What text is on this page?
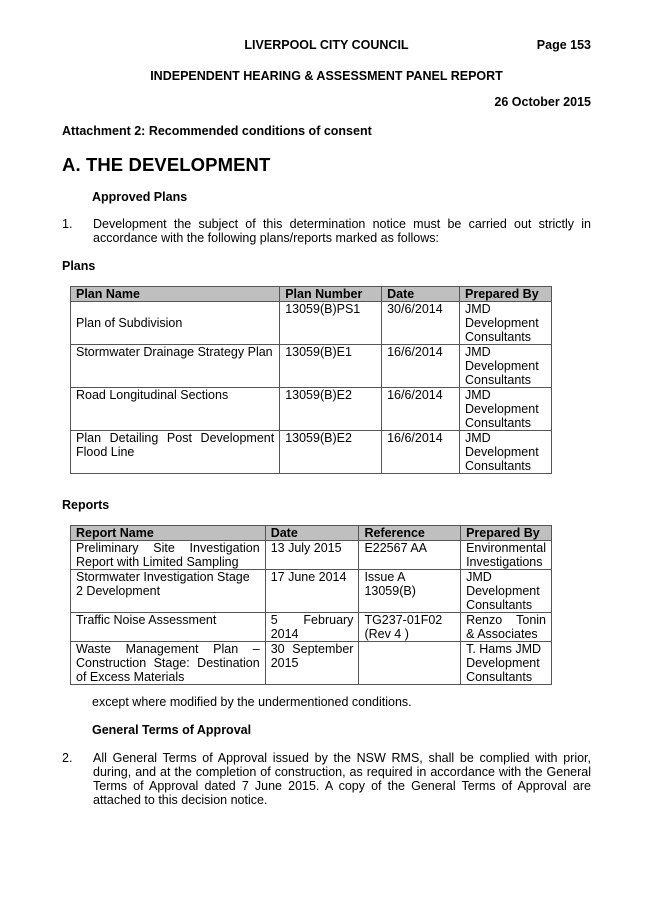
LIVERPOOL CITY COUNCIL	Page 153
INDEPENDENT HEARING & ASSESSMENT PANEL REPORT
26 October 2015
Attachment 2: Recommended conditions of consent
A. THE DEVELOPMENT
Approved Plans
1. Development the subject of this determination notice must be carried out strictly in accordance with the following plans/reports marked as follows:
Plans
Plan Name	Plan Number	Date	Prepared By
Plan of Subdivision	13059(B)PS1	30/6/2014	JMD Development Consultants
Stormwater Drainage Strategy Plan	13059(B)E1	16/6/2014	JMD Development Consultants
Road Longitudinal Sections	13059(B)E2	16/6/2014	JMD Development Consultants
Plan Detailing Post Development Flood Line	13059(B)E2	16/6/2014	JMD Development Consultants
Reports
Report Name	Date	Reference	Prepared By
Preliminary Site Investigation Report with Limited Sampling	13 July 2015	E22567 AA	Environmental Investigations
Stormwater Investigation Stage 2 Development	17 June 2014	Issue A 13059(B)	JMD Development Consultants
Traffic Noise Assessment	5 February 2014	TG237-01F02 (Rev 4 )	Renzo Tonin & Associates
Waste Management Plan – Construction Stage: Destination of Excess Materials	30 September 2015		T. Hams JMD Development Consultants
except where modified by the undermentioned conditions.
General Terms of Approval
2. All General Terms of Approval issued by the NSW RMS, shall be complied with prior, during, and at the completion of construction, as required in accordance with the General Terms of Approval dated 7 June 2015. A copy of the General Terms of Approval are attached to this decision notice.
